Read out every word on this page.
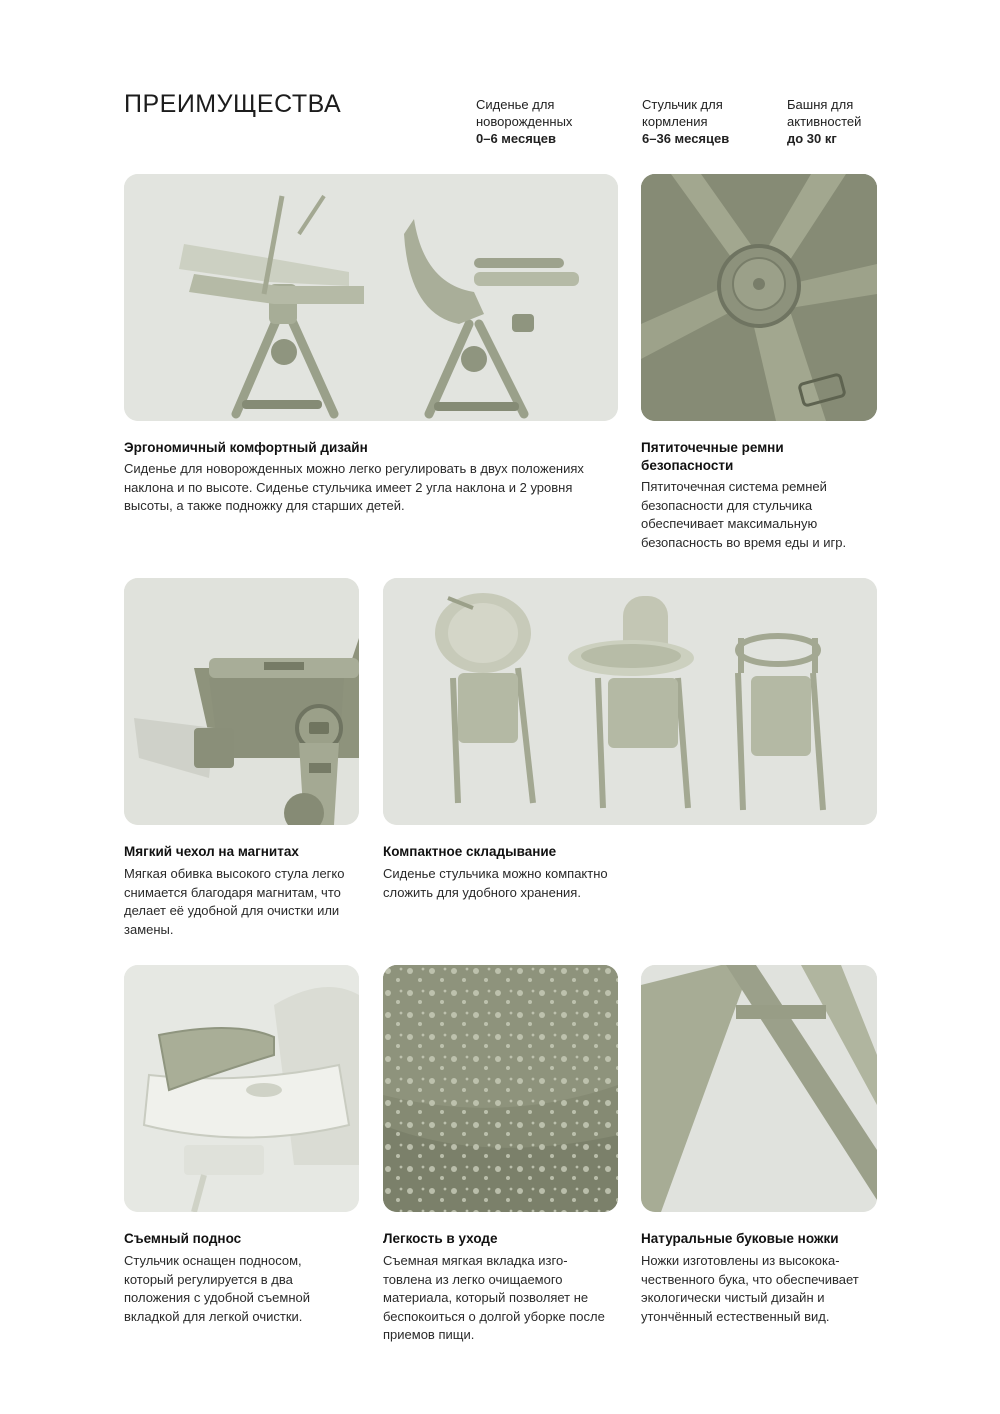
ПРЕИМУЩЕСТВА	Сиденье для новорожденных
0–6 месяцев
Стульчик для кормления
6–36 месяцев
Башня для активностей
до 30 кг
Эргономичный комфортный дизайн
Сиденье для новорожденных можно легко регулировать в двух положениях наклона и по высоте. Сиденье стульчика имеет 2 угла наклона и 2 уровня высоты, а также подножку для старших детей.
Пятиточечные ремни безопасности
Пятиточечная система ремней безопасности для стульчика обеспечивает максимальную безопасность во время еды и игр.
Мягкий чехол на магнитах
Мягкая обивка высокого стула легко снимается благодаря магнитам, что делает её удобной для очистки или замены.
Компактное складывание
Сиденье стульчика можно компактно сложить для удобного хранения.
Съемный поднос
Стульчик оснащен подносом, который регулируется в два положения с удобной съемной вкладкой для легкой очистки.
Легкость в уходе
Съемная мягкая вкладка изготовлена из легко очищаемого материала, который позволяет не беспокоиться о долгой уборке после приемов пищи.
Натуральные буковые ножки
Ножки изготовлены из высококачественного бука, что обеспечивает экологически чистый дизайн и утончённый естественный вид.
